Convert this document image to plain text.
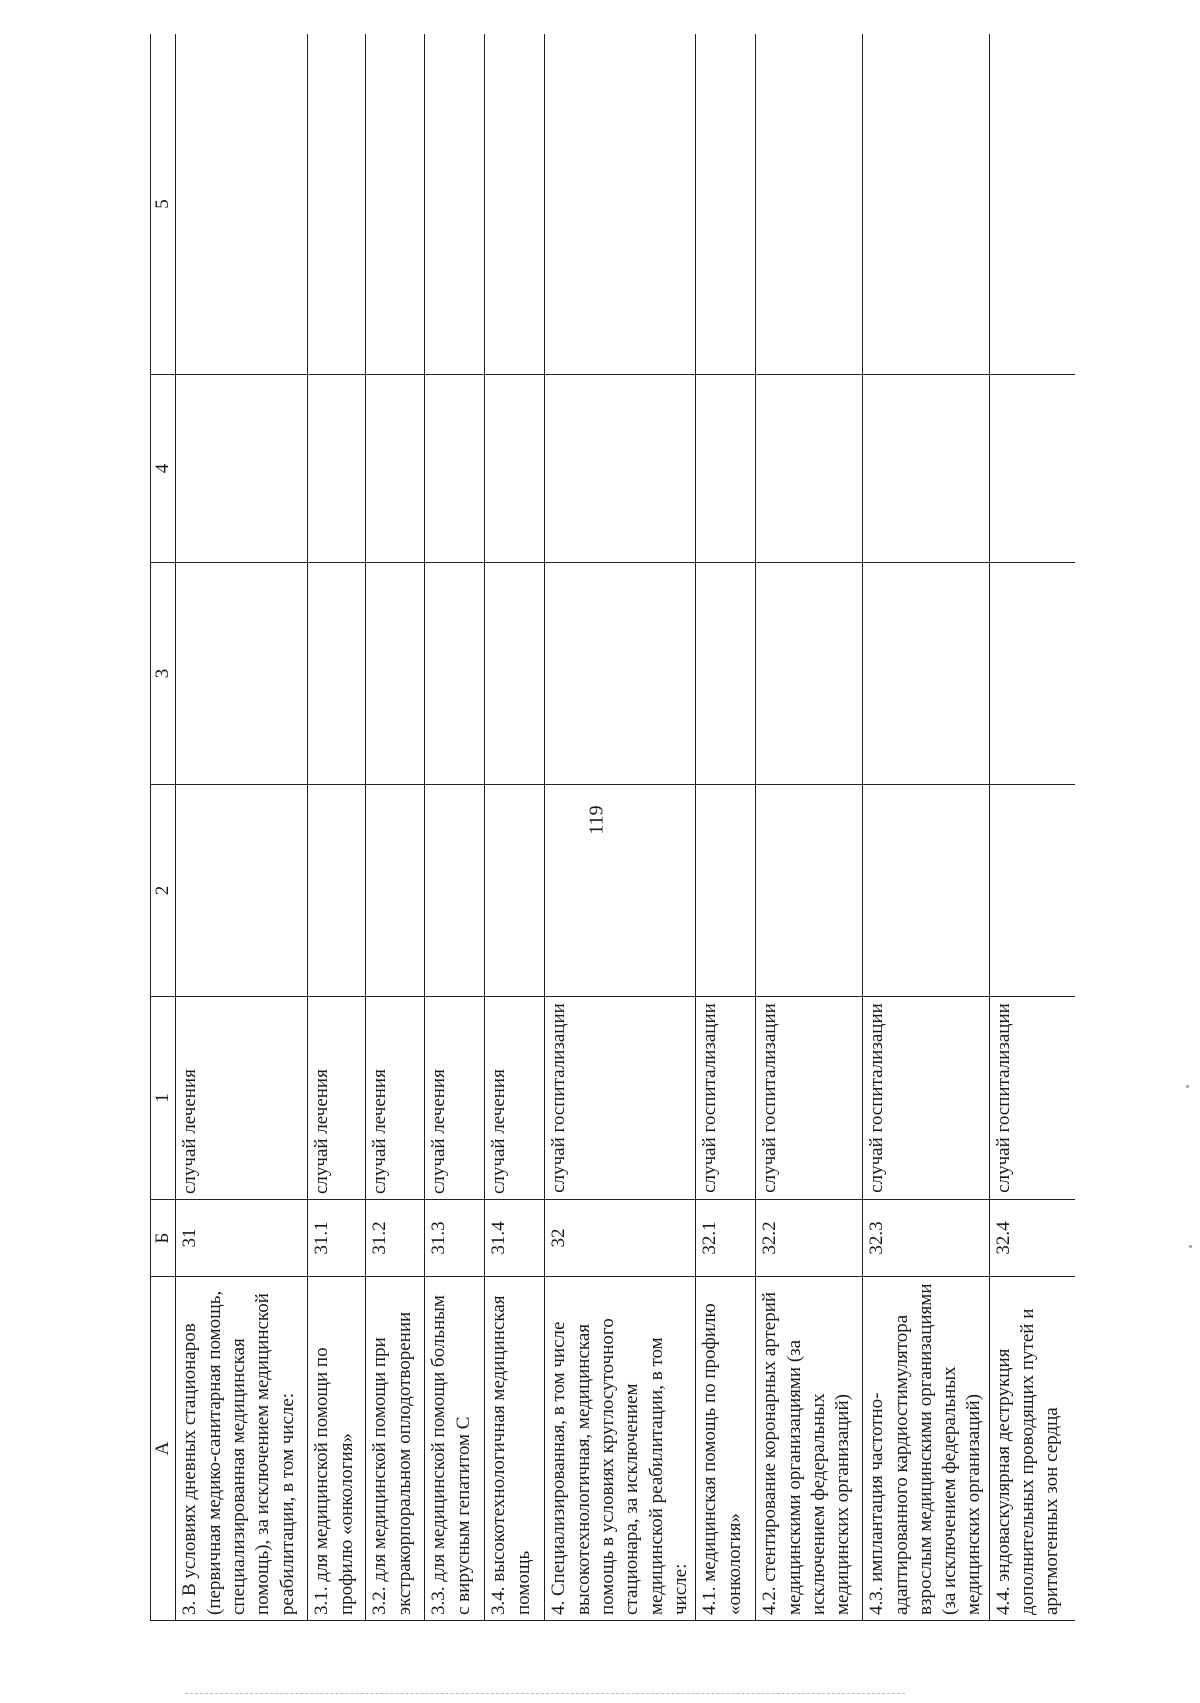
119
А	Б	1	2	3	4	5
3. В условиях дневных стационаров (первичная медико-санитарная помощь, специализированная медицинская помощь), за исключением медицинской реабилитации, в том числе:	31	случай лечения				
3.1. для медицинской помощи по профилю «онкология»	31.1	случай лечения				
3.2. для медицинской помощи при экстракорпоральном оплодотворении	31.2	случай лечения				
3.3. для медицинской помощи больным с вирусным гепатитом С	31.3	случай лечения				
3.4. высокотехнологичная медицинская помощь	31.4	случай лечения				
4. Специализированная, в том числе высокотехнологичная, медицинская помощь в условиях круглосуточного стационара, за исключением медицинской реабилитации, в том числе:	32	случай госпитализации				
4.1. медицинская помощь по профилю «онкология»	32.1	случай госпитализации				
4.2. стентирование коронарных артерий медицинскими организациями (за исключением федеральных медицинских организаций)	32.2	случай госпитализации				
4.3. имплантация частотно-адаптированного кардиостимулятора взрослым медицинскими организациями (за исключением федеральных медицинских организаций)	32.3	случай госпитализации				
4.4. эндоваскулярная деструкция дополнительных проводящих путей и аритмогенных зон сердца	32.4	случай госпитализации				
